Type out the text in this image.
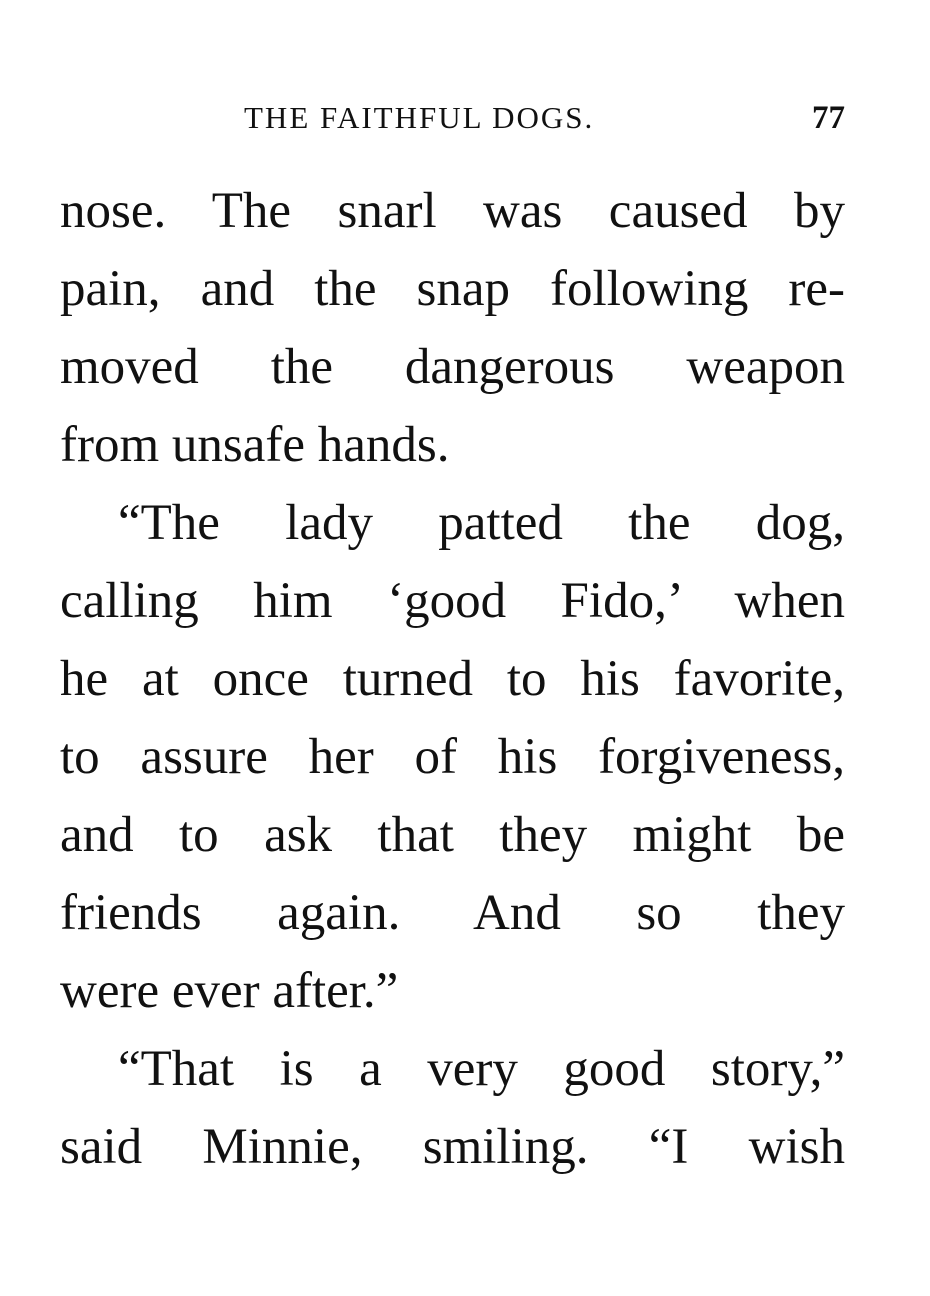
THE FAITHFUL DOGS.	77
nose. The snarl was caused by
pain, and the snap following re-
moved the dangerous weapon
from unsafe hands.
“The lady patted the dog,
calling him ‘good Fido,’ when
he at once turned to his favorite,
to assure her of his forgiveness,
and to ask that they might be
friends again. And so they
were ever after.”
“That is a very good story,”
said Minnie, smiling. “I wish
